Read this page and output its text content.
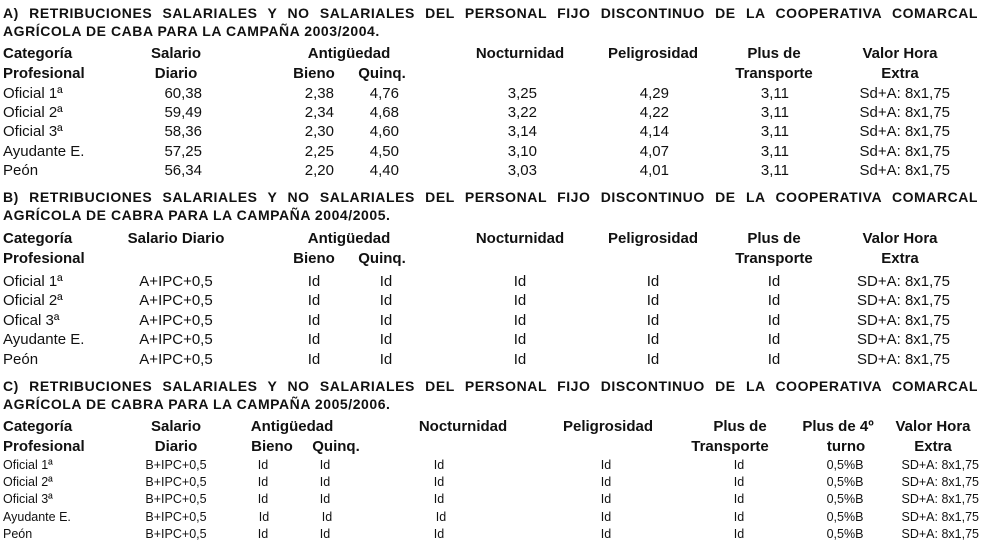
A) RETRIBUCIONES SALARIALES Y NO SALARIALES DEL PERSONAL FIJO DISCONTINUO DE LA COOPERATIVA COMARCAL AGRÍCOLA DE CABA PARA LA CAMPAÑA 2003/2004.
Categoría
Profesional
Salario
Diario
Antigüedad
Bieno Quinq.
Nocturnidad	Peligrosidad	Plus de
Transporte
Valor Hora
Extra
Oficial 1ª	60,38	2,38 4,76	3,25	4,29	3,11	Sd+A: 8x1,75
Oficial 2ª	59,49	2,34 4,68	3,22	4,22	3,11	Sd+A: 8x1,75
Oficial 3ª	58,36	2,30 4,60	3,14	4,14	3,11	Sd+A: 8x1,75
Ayudante E.	57,25	2,25 4,50	3,10	4,07	3,11	Sd+A: 8x1,75
Peón	56,34	2,20 4,40	3,03	4,01	3,11	Sd+A: 8x1,75
B) RETRIBUCIONES SALARIALES Y NO SALARIALES DEL PERSONAL FIJO DISCONTINUO DE LA COOPERATIVA COMARCAL AGRÍCOLA DE CABRA PARA LA CAMPAÑA 2004/2005.
Categoría
Profesional
Salario Diario	Antigüedad
Bieno Quinq.
Nocturnidad	Peligrosidad	Plus de
Transporte
Valor Hora
Extra
Oficial 1ª	A+IPC+0,5	Id	Id	Id	Id	Id	SD+A: 8x1,75
Oficial 2ª	A+IPC+0,5	Id	Id	Id	Id	Id	SD+A: 8x1,75
Ofical 3ª	A+IPC+0,5	Id	Id	Id	Id	Id	SD+A: 8x1,75
Ayudante E.	A+IPC+0,5	Id	Id	Id	Id	Id	SD+A: 8x1,75
Peón	A+IPC+0,5	Id	Id	Id	Id	Id	SD+A: 8x1,75
C) RETRIBUCIONES SALARIALES Y NO SALARIALES DEL PERSONAL FIJO DISCONTINUO DE LA COOPERATIVA COMARCAL AGRÍCOLA DE CABRA PARA LA CAMPAÑA 2005/2006.
Categoría
Profesional
Salario
Diario
Antigüedad
Bieno Quinq.
Nocturnidad	Peligrosidad	Plus de
Transporte
Plus de 4º
turno
Valor Hora
Extra
Oficial 1ª	B+IPC+0,5	Id	Id	Id	Id	Id	0,5%B	SD+A: 8x1,75
Oficial 2ª	B+IPC+0,5	Id	Id	Id	Id	Id	0,5%B	SD+A: 8x1,75
Oficial 3ª	B+IPC+0,5	Id	Id	Id	Id	Id	0,5%B	SD+A: 8x1,75
Ayudante E.	B+IPC+0,5	Id	Id	Id	Id	Id	0,5%B	SD+A: 8x1,75
Peón	B+IPC+0,5	Id	Id	Id	Id	Id	0,5%B	SD+A: 8x1,75
